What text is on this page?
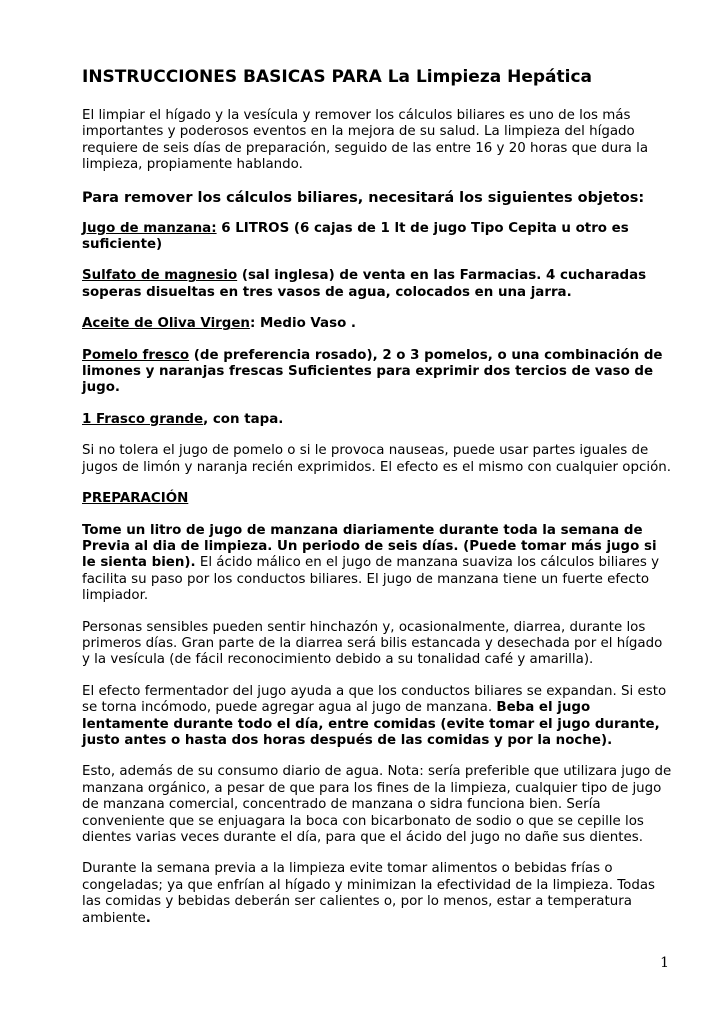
INSTRUCCIONES BASICAS PARA La Limpieza Hepática

El limpiar el hígado y la vesícula y remover los cálculos biliares es uno de los más importantes y poderosos eventos en la mejora de su salud. La limpieza del hígado requiere de seis días de preparación, seguido de las entre 16 y 20 horas que dura la limpieza, propiamente hablando.

Para remover los cálculos biliares, necesitará los siguientes objetos:

Jugo de manzana: 6 LITROS (6 cajas de 1 lt de jugo Tipo Cepita u otro es suficiente)

Sulfato de magnesio (sal inglesa) de venta en las Farmacias. 4 cucharadas soperas disueltas en tres vasos de agua, colocados en una jarra.

Aceite de Oliva Virgen: Medio Vaso .

Pomelo fresco (de preferencia rosado), 2 o 3 pomelos, o una combinación de limones y naranjas frescas Suficientes para exprimir dos tercios de vaso de jugo.

1 Frasco grande, con tapa.

Si no tolera el jugo de pomelo o si le provoca nauseas, puede usar partes iguales de jugos de limón y naranja recién exprimidos. El efecto es el mismo con cualquier opción.

PREPARACIÓN

Tome un litro de jugo de manzana diariamente durante toda la semana de Previa al dia de limpieza. Un periodo de seis días. (Puede tomar más jugo si le sienta bien). El ácido málico en el jugo de manzana suaviza los cálculos biliares y facilita su paso por los conductos biliares. El jugo de manzana tiene un fuerte efecto limpiador.

Personas sensibles pueden sentir hinchazón y, ocasionalmente, diarrea, durante los primeros días. Gran parte de la diarrea será bilis estancada y desechada por el hígado y la vesícula (de fácil reconocimiento debido a su tonalidad café y amarilla).

El efecto fermentador del jugo ayuda a que los conductos biliares se expandan. Si esto se torna incómodo, puede agregar agua al jugo de manzana. Beba el jugo lentamente durante todo el día, entre comidas (evite tomar el jugo durante, justo antes o hasta dos horas después de las comidas y por la noche).

Esto, además de su consumo diario de agua. Nota: sería preferible que utilizara jugo de manzana orgánico, a pesar de que para los fines de la limpieza, cualquier tipo de jugo de manzana comercial, concentrado de manzana o sidra funciona bien. Sería conveniente que se enjuagara la boca con bicarbonato de sodio o que se cepille los dientes varias veces durante el día, para que el ácido del jugo no dañe sus dientes.

Durante la semana previa a la limpieza evite tomar alimentos o bebidas frías o congeladas; ya que enfrían al hígado y minimizan la efectividad de la limpieza. Todas las comidas y bebidas deberán ser calientes o, por lo menos, estar a temperatura ambiente.

1
